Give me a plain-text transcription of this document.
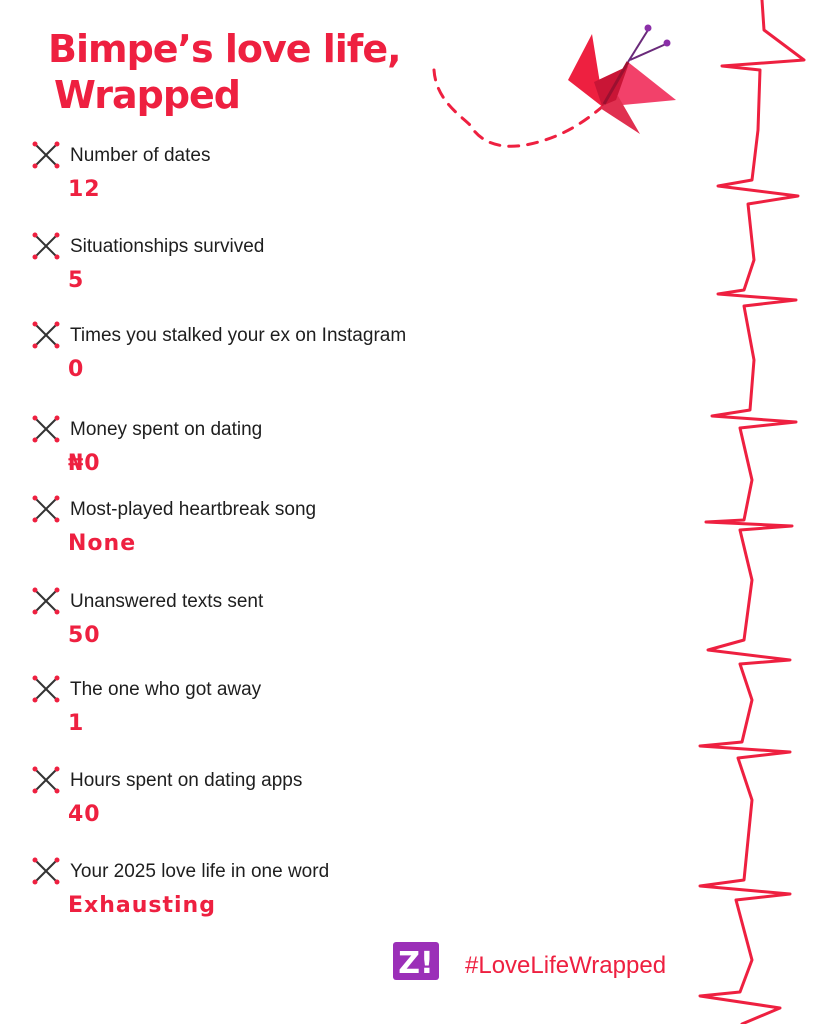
Bimpe’s love life,
Wrapped
Number of dates
12
Situationships survived
5
Times you stalked your ex on Instagram
0
Money spent on dating
₦0
Most-played heartbreak song
None
Unanswered texts sent
50
The one who got away
1
Hours spent on dating apps
40
Your 2025 love life in one word
Exhausting
Z! #LoveLifeWrapped
